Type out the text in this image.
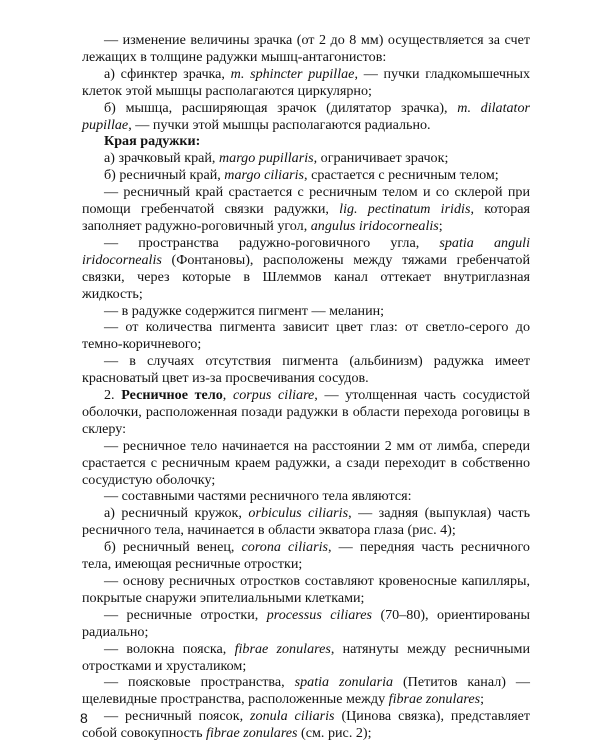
— изменение величины зрачка (от 2 до 8 мм) осуществляется за счет лежащих в толщине радужки мышц-антагонистов:

а) сфинктер зрачка, m. sphincter pupillae, — пучки гладкомышечных клеток этой мышцы располагаются циркулярно;

б) мышца, расширяющая зрачок (дилятатор зрачка), m. dilatator pupillae, — пучки этой мышцы располагаются радиально.

Края радужки:

а) зрачковый край, margo pupillaris, ограничивает зрачок;

б) ресничный край, margo ciliaris, срастается с ресничным телом;

— ресничный край срастается с ресничным телом и со склерой при помощи гребенчатой связки радужки, lig. pectinatum iridis, которая заполняет радужно-роговичный угол, angulus iridocornealis;

— пространства радужно-роговичного угла, spatia anguli iridocornealis (Фонтановы), расположены между тяжами гребенчатой связки, через которые в Шлеммов канал оттекает внутриглазная жидкость;

— в радужке содержится пигмент — меланин;

— от количества пигмента зависит цвет глаз: от светло-серого до темно-коричневого;

— в случаях отсутствия пигмента (альбинизм) радужка имеет красноватый цвет из-за просвечивания сосудов.

2. Ресничное тело, corpus ciliare, — утолщенная часть сосудистой оболочки, расположенная позади радужки в области перехода роговицы в склеру:

— ресничное тело начинается на расстоянии 2 мм от лимба, спереди срастается с ресничным краем радужки, а сзади переходит в собственно сосудистую оболочку;

— составными частями ресничного тела являются:

а) ресничный кружок, orbiculus ciliaris, — задняя (выпуклая) часть ресничного тела, начинается в области экватора глаза (рис. 4);

б) ресничный венец, corona ciliaris, — передняя часть ресничного тела, имеющая ресничные отростки;

— основу ресничных отростков составляют кровеносные капилляры, покрытые снаружи эпителиальными клетками;

— ресничные отростки, processus ciliares (70–80), ориентированы радиально;

— волокна пояска, fibrae zonulares, натянуты между ресничными отростками и хрусталиком;

— поясковые пространства, spatia zonularia (Петитов канал) — щелевидные пространства, расположенные между fibrae zonulares;

— ресничный поясок, zonula ciliaris (Цинова связка), представляет собой совокупность fibrae zonulares (см. рис. 2);

8
